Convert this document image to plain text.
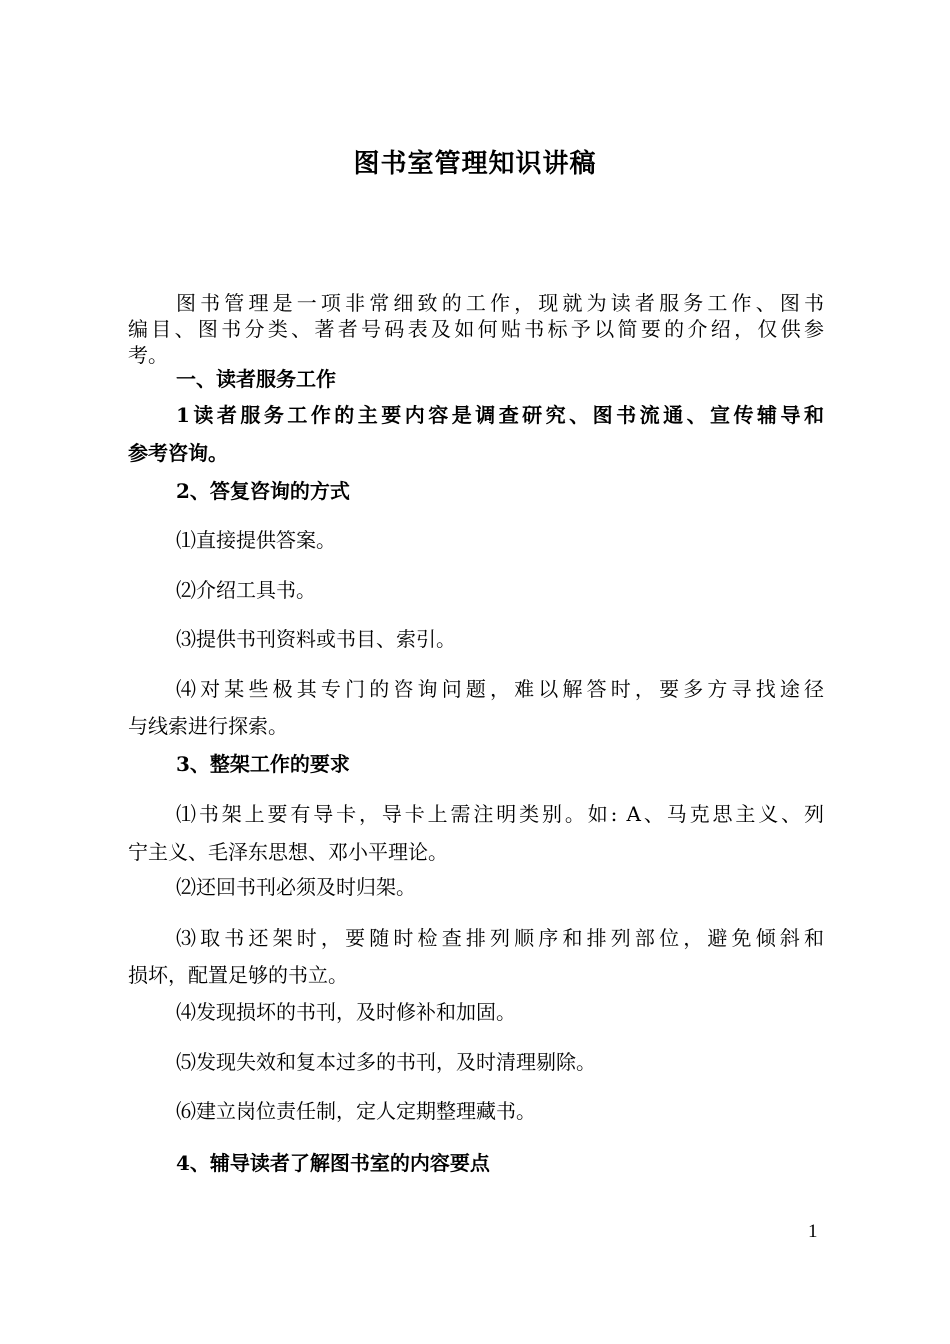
图书室管理知识讲稿
图书管理是一项非常细致的工作，现就为读者服务工作、图书
编目、图书分类、著者号码表及如何贴书标予以简要的介绍，仅供参
考。
一、读者服务工作
1读者服务工作的主要内容是调查研究、图书流通、宣传辅导和
参考咨询。
2、答复咨询的方式
⑴直接提供答案。
⑵介绍工具书。
⑶提供书刊资料或书目、索引。
⑷对某些极其专门的咨询问题，难以解答时，要多方寻找途径
与线索进行探索。
3、整架工作的要求
⑴书架上要有导卡，导卡上需注明类别。如: A、马克思主义、列
宁主义、毛泽东思想、邓小平理论。
⑵还回书刊必须及时归架。
⑶取书还架时，要随时检查排列顺序和排列部位，避免倾斜和
损坏，配置足够的书立。
⑷发现损坏的书刊，及时修补和加固。
⑸发现失效和复本过多的书刊，及时清理剔除。
⑹建立岗位责任制，定人定期整理藏书。
4、辅导读者了解图书室的内容要点
1
